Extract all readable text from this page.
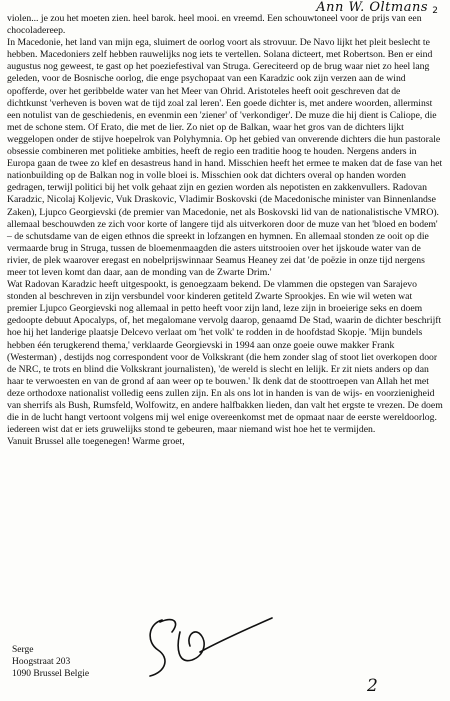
Ann W. Oltmans 2

violen... je zou het moeten zien. heel barok. heel mooi. en vreemd. Een schouwtoneel voor de prijs van een chocoladereep.

In Macedonie, het land van mijn ega, sluimert de oorlog voort als strovuur. De Navo lijkt het pleit beslecht te hebben. Macedoniers zelf hebben rauwelijks nog iets te vertellen. Solana dicteert, met Robertson. Ben er eind augustus nog geweest, te gast op het poeziefestival van Struga. Gereciteerd op de brug waar niet zo heel lang geleden, voor de Bosnische oorlog, die enge psychopaat van een Karadzic ook zijn verzen aan de wind opofferde, over het geribbelde water van het Meer van Ohrid. Aristoteles heeft ooit geschreven dat de dichtkunst 'verheven is boven wat de tijd zoal zal leren'. Een goede dichter is, met andere woorden, allerminst een notulist van de geschiedenis, en evenmin een 'ziener' of 'verkondiger'. De muze die hij dient is Caliope, die met de schone stem. Of Erato, die met de lier. Zo niet op de Balkan, waar het gros van de dichters lijkt weggelopen onder de stijve hoepelrok van Polyhymnia. Op het gebied van onverende dichters die hun pastorale obsessie combineren met politieke ambities, heeft de regio een traditie hoog te houden. Nergens anders in Europa gaan de twee zo klef en desastreus hand in hand. Misschien heeft het ermee te maken dat de fase van het nationbuilding op de Balkan nog in volle bloei is. Misschien ook dat dichters overal op handen worden gedragen, terwijl politici bij het volk gehaat zijn en gezien worden als nepotisten en zakkenvullers. Radovan Karadzic, Nicolaj Koljevic, Vuk Draskovic, Vladimir Boskovski (de Macedonische minister van Binnenlandse Zaken), Ljupco Georgievski (de premier van Macedonie, net als Boskovski lid van de nationalistische VMRO). allemaal beschouwden ze zich voor korte of langere tijd als uitverkoren door de muze van het 'bloed en bodem' – de schutsdame van de eigen ethnos die spreekt in lofzangen en hymnen. En allemaal stonden ze ooit op die vermaarde brug in Struga, tussen de bloemenmaagden die asters uitstrooien over het ijskoude water van de rivier, de plek waarover eregast en nobelprijswinnaar Seamus Heaney zei dat 'de poëzie in onze tijd nergens meer tot leven komt dan daar, aan de monding van de Zwarte Drim.'

Wat Radovan Karadzic heeft uitgespookt, is genoegzaam bekend. De vlammen die opstegen van Sarajevo stonden al beschreven in zijn versbundel voor kinderen getiteld Zwarte Sprookjes. En wie wil weten wat premier Ljupco Georgievski nog allemaal in petto heeft voor zijn land, leze zijn in broeierige seks en doem gedoopte debuut Apocalyps, of, het megalomane vervolg daarop, genaamd De Stad, waarin de dichter beschrijft hoe hij het landerige plaatsje Delcevo verlaat om 'het volk' te rodden in de hoofdstad Skopje. 'Mijn bundels hebben één terugkerend thema,' verklaarde Georgievski in 1994 aan onze goeie ouwe makker Frank (Westerman) , destijds nog correspondent voor de Volkskrant (die hem zonder slag of stoot liet overkopen door de NRC, te trots en blind die Volkskrant journalisten), 'de wereld is slecht en lelijk. Er zit niets anders op dan haar te verwoesten en van de grond af aan weer op te bouwen.' Ik denk dat de stoottroepen van Allah het met deze orthodoxe nationalist volledig eens zullen zijn. En als ons lot in handen is van de wijs- en voorzienigheid van sherrifs als Bush, Rumsfeld, Wolfowitz, en andere halfbakken lieden, dan valt het ergste te vrezen. De doem die in de lucht hangt vertoont volgens mij wel enige overeenkomst met de opmaat naar de eerste wereldoorlog. iedereen wist dat er iets gruwelijks stond te gebeuren, maar niemand wist hoe het te vermijden.

Vanuit Brussel alle toegenegen! Warme groet,

Serge
Hoogstraat 203
1090 Brussel Belgie
2
